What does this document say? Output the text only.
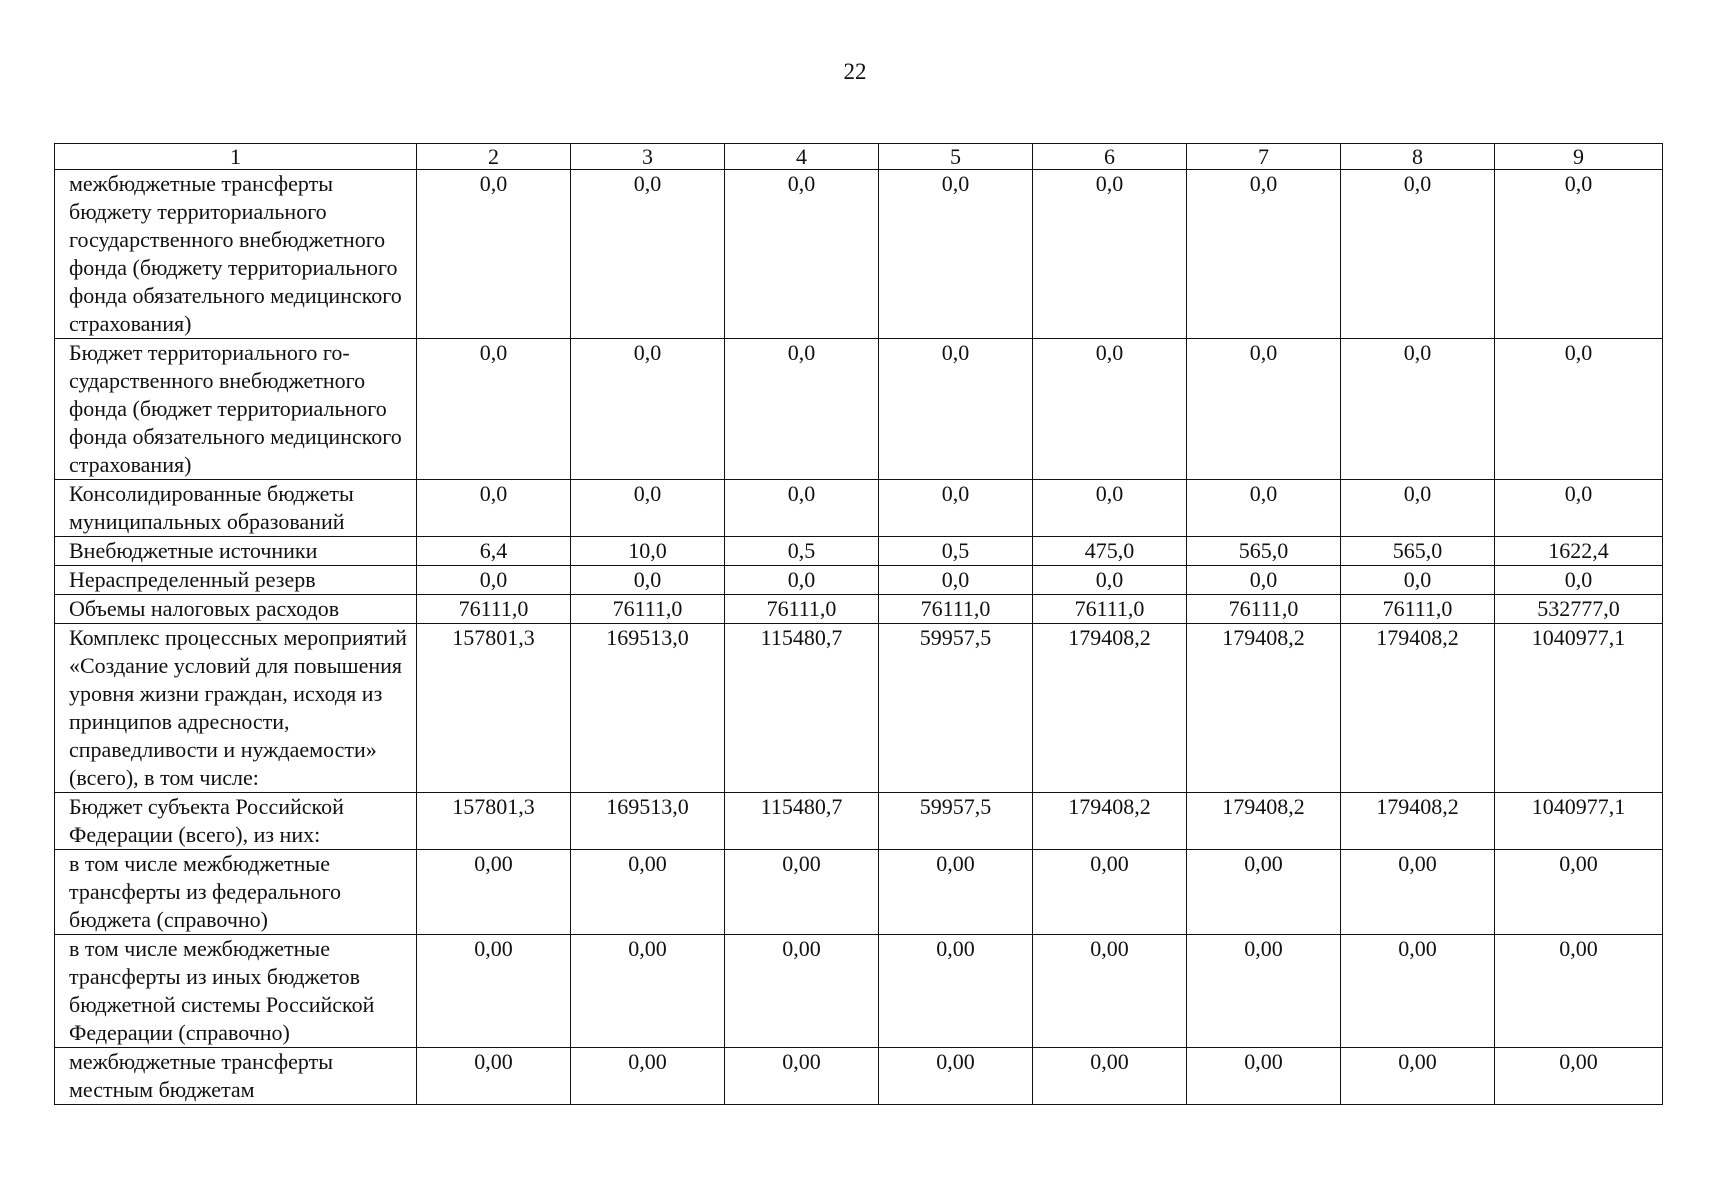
22
1	2	3	4	5	6	7	8	9
межбюджетные трансферты бюджету территориального государственного внебюджетного фонда (бюджету территориального фонда обязательного медицинского страхования)	0,0	0,0	0,0	0,0	0,0	0,0	0,0	0,0
Бюджет территориального государственного внебюджетного фонда (бюджет территориального фонда обязательного медицинского страхования)	0,0	0,0	0,0	0,0	0,0	0,0	0,0	0,0
Консолидированные бюджеты муниципальных образований	0,0	0,0	0,0	0,0	0,0	0,0	0,0	0,0
Внебюджетные источники	6,4	10,0	0,5	0,5	475,0	565,0	565,0	1622,4
Нераспределенный резерв	0,0	0,0	0,0	0,0	0,0	0,0	0,0	0,0
Объемы налоговых расходов	76111,0	76111,0	76111,0	76111,0	76111,0	76111,0	76111,0	532777,0
Комплекс процессных мероприятий «Создание условий для повышения уровня жизни граждан, исходя из принципов адресности, справедливости и нуждаемости» (всего), в том числе:	157801,3	169513,0	115480,7	59957,5	179408,2	179408,2	179408,2	1040977,1
Бюджет субъекта Российской Федерации (всего), из них:	157801,3	169513,0	115480,7	59957,5	179408,2	179408,2	179408,2	1040977,1
в том числе межбюджетные трансферты из федерального бюджета (справочно)	0,00	0,00	0,00	0,00	0,00	0,00	0,00	0,00
в том числе межбюджетные трансферты из иных бюджетов бюджетной системы Российской Федерации (справочно)	0,00	0,00	0,00	0,00	0,00	0,00	0,00	0,00
межбюджетные трансферты местным бюджетам	0,00	0,00	0,00	0,00	0,00	0,00	0,00	0,00
